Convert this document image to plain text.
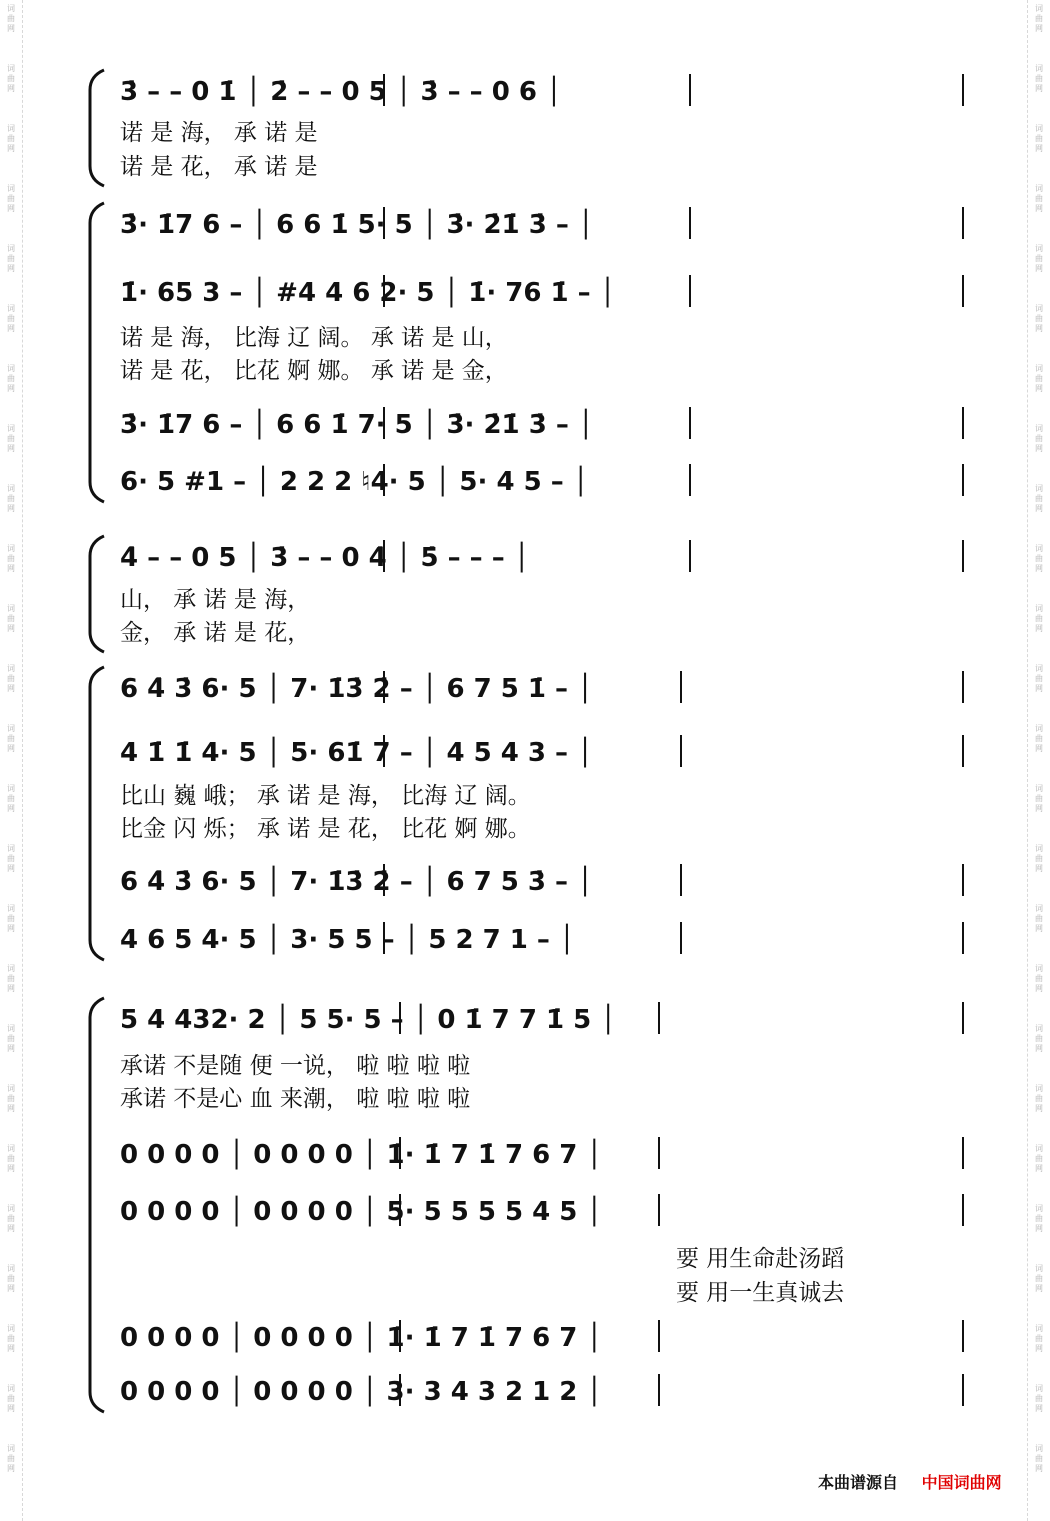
词
曲
网
词
曲
网
词
曲
网
词
曲
网
词
曲
网
词
曲
网
词
曲
网
词
曲
网
词
曲
网
词
曲
网
词
曲
网
词
曲
网
词
曲
网
词
曲
网
词
曲
网
词
曲
网
词
曲
网
词
曲
网
词
曲
网
词
曲
网
词
曲
网
词
曲
网
词
曲
网
词
曲
网
词
曲
网
词
曲
网
词
曲
网
词
曲
网
词
曲
网
词
曲
网
词
曲
网
词
曲
网
词
曲
网
词
曲
网
词
曲
网
词
曲
网
词
曲
网
词
曲
网
词
曲
网
词
曲
网
词
曲
网
词
曲
网
词
曲
网
词
曲
网
词
曲
网
词
曲
网
词
曲
网
词
曲
网
词
曲
网
词
曲
网
3̇ – – 0 1̇ │ 2̇ – – 0 5 │ 3̇ – – 0 6 │
诺 是 海， 承 诺 是
诺 是 花， 承 诺 是
3̇· 1̇7 6 – │ 6 6 1̇ 5· 5 │ 3̇· 2̇1̇ 3̇ – │
1̇· 65 3 – │ #4 4 6 2· 5 │ 1̇· 76 1̇ – │
诺 是 海， 比海 辽 阔。 承 诺 是 山，
诺 是 花， 比花 婀 娜。 承 诺 是 金，
3̇· 1̇7 6 – │ 6 6 1̇ 7· 5 │ 3̇· 2̇1̇ 3̇ – │
6· 5 #1 – │ 2 2 2 ♮4· 5 │ 5· 4 5 – │
4̇ – – 0 5 │ 3̇ – – 0 4̇ │ 5̇ – – – │
山， 承 诺 是 海，
金， 承 诺 是 花，
6 4̇ 3̇ 6· 5 │ 7· 1̇3̇ 2̇ – │ 6 7 5 1̇ – │
4 1̇ 1̇ 4· 5 │ 5· 61̇ 7 – │ 4 5 4 3 – │
比山 巍 峨； 承 诺 是 海， 比海 辽 阔。
比金 闪 烁； 承 诺 是 花， 比花 婀 娜。
6 4̇ 3̇ 6· 5 │ 7· 1̇3̇ 2̇ – │ 6 7 5 3̇ – │
4 6 5 4· 5 │ 3· 5 5 – │ 5 2 7 1 – │
5 4 432· 2 │ 5 5· 5 – │ 0 1̇ 7 7 1̇ 5 │
承诺 不是随 便 一说， 啦 啦 啦 啦
承诺 不是心 血 来潮， 啦 啦 啦 啦
0 0 0 0 │ 0 0 0 0 │ 1̇· 1̇ 7 1̇ 7 6 7 │
0 0 0 0 │ 0 0 0 0 │ 5· 5 5 5 5 4 5 │
要 用生命赴汤蹈
要 用一生真诚去
0 0 0 0 │ 0 0 0 0 │ 1̇· 1̇ 7 1̇ 7 6 7 │
0 0 0 0 │ 0 0 0 0 │ 3· 3 4 3 2 1 2 │
本曲谱源自 中国词曲网
